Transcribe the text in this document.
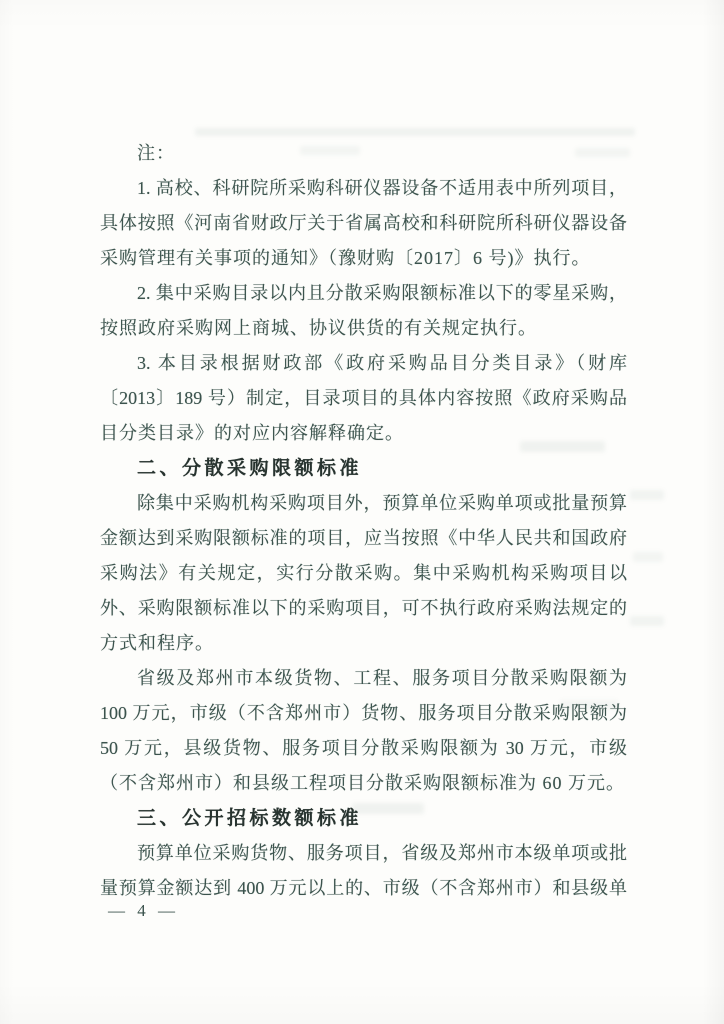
注：
1. 高校、科研院所采购科研仪器设备不适用表中所列项目，
具体按照《河南省财政厅关于省属高校和科研院所科研仪器设备
采购管理有关事项的通知》（豫财购〔2017〕6 号)》执行。
2. 集中采购目录以内且分散采购限额标准以下的零星采购，
按照政府采购网上商城、协议供货的有关规定执行。
3. 本目录根据财政部《政府采购品目分类目录》（财库
〔2013〕189 号）制定，目录项目的具体内容按照《政府采购品
目分类目录》的对应内容解释确定。
二、分散采购限额标准
除集中采购机构采购项目外，预算单位采购单项或批量预算
金额达到采购限额标准的项目，应当按照《中华人民共和国政府
采购法》有关规定，实行分散采购。集中采购机构采购项目以
外、采购限额标准以下的采购项目，可不执行政府采购法规定的
方式和程序。
省级及郑州市本级货物、工程、服务项目分散采购限额为
100 万元，市级（不含郑州市）货物、服务项目分散采购限额为
50 万元，县级货物、服务项目分散采购限额为 30 万元，市级
（不含郑州市）和县级工程项目分散采购限额标准为 60 万元。
三、公开招标数额标准
预算单位采购货物、服务项目，省级及郑州市本级单项或批
量预算金额达到 400 万元以上的、市级（不含郑州市）和县级单
— 4 —
